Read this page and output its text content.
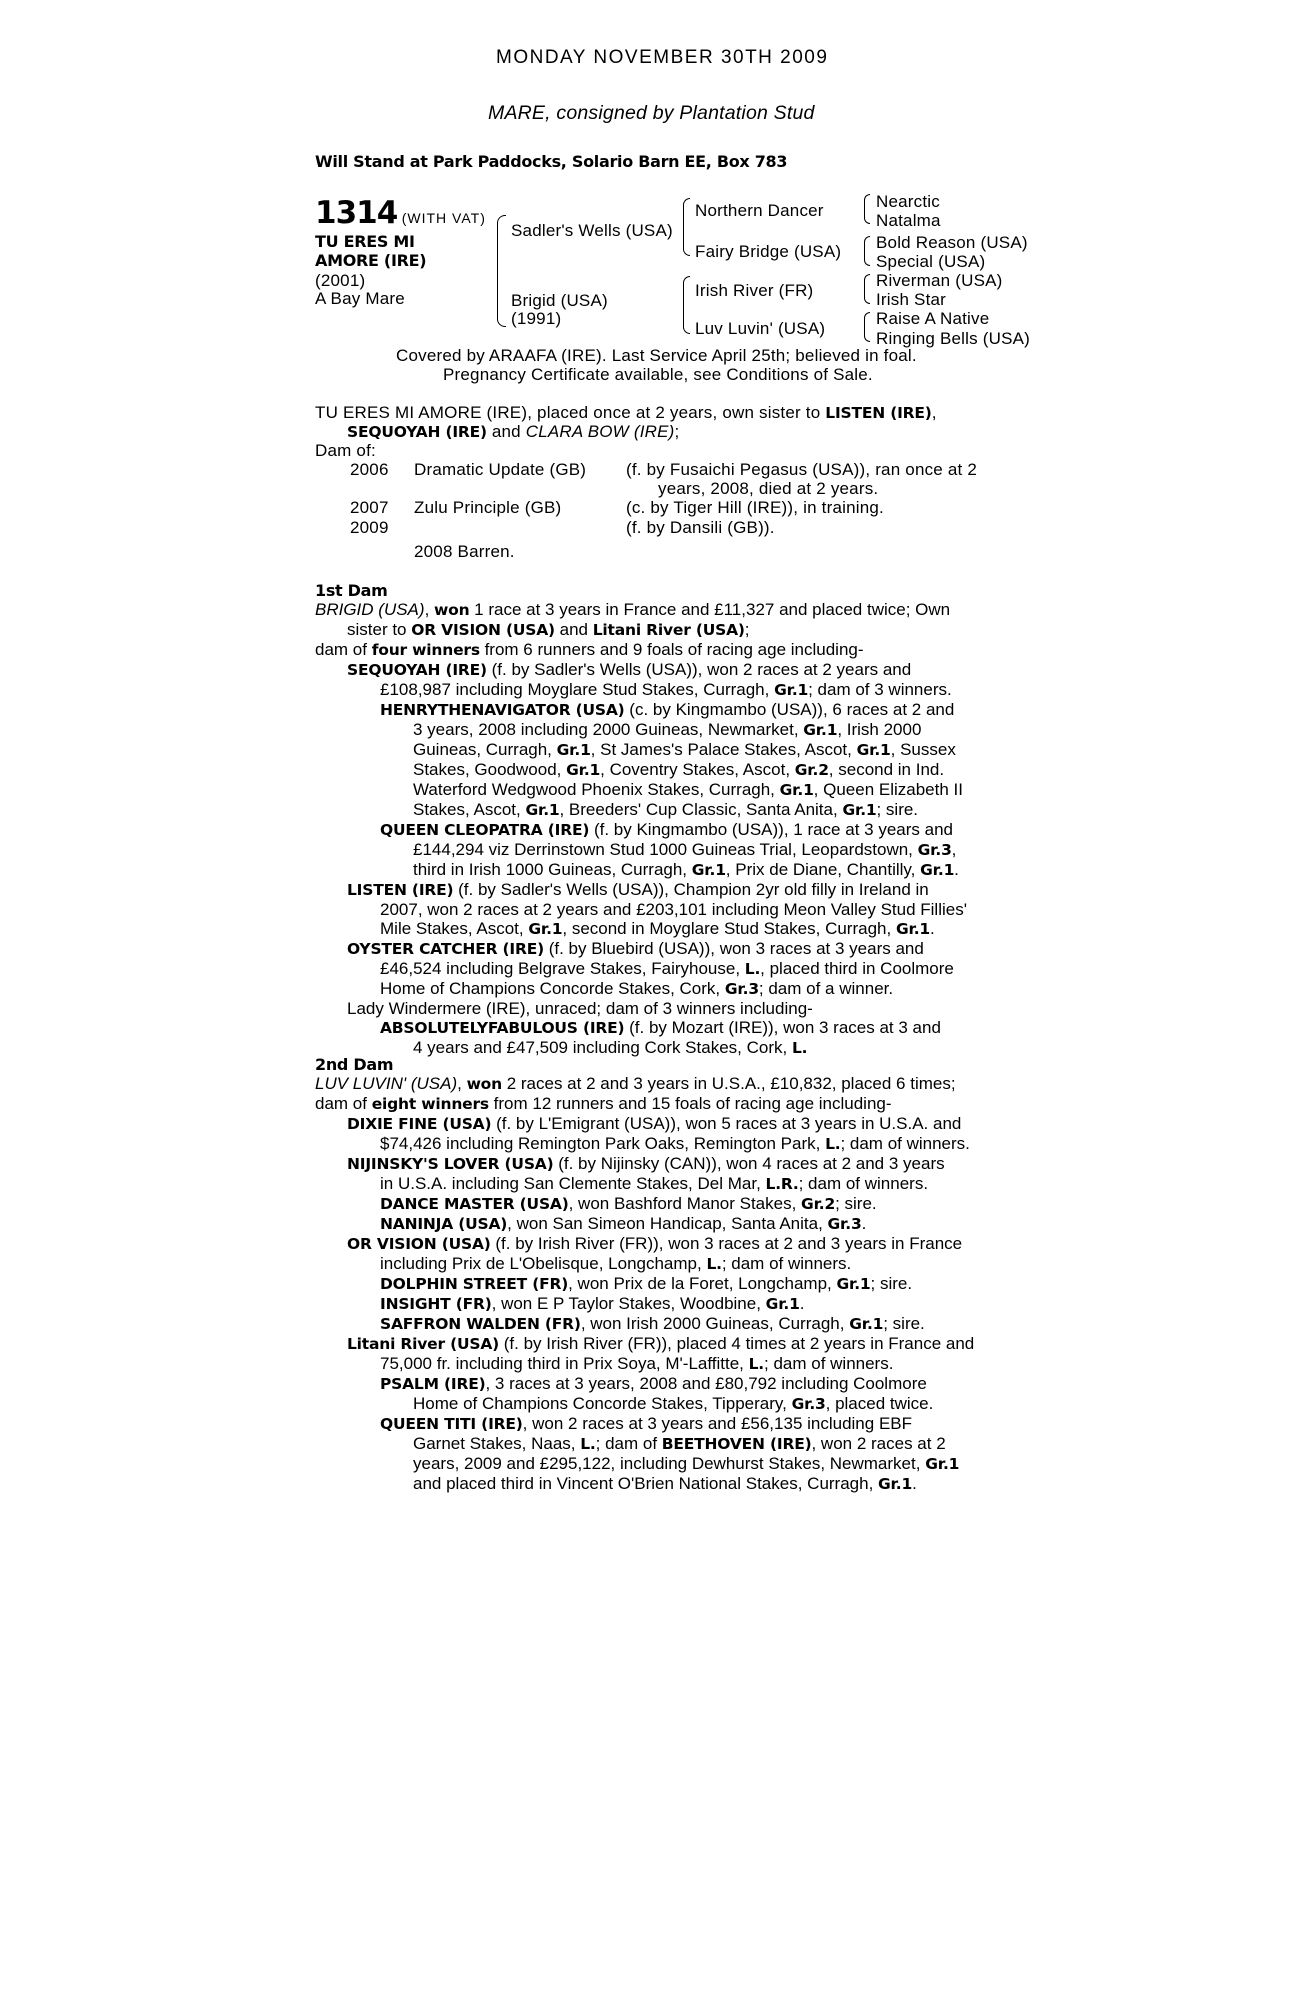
MONDAY NOVEMBER 30TH 2009
MARE, consigned by Plantation Stud
Will Stand at Park Paddocks, Solario Barn EE, Box 783
1314 (WITH VAT)
TU ERES MI
AMORE (IRE)
(2001)
A Bay Mare
Sadler's Wells (USA)
Brigid (USA)
(1991)
Northern Dancer
Fairy Bridge (USA)
Irish River (FR)
Luv Luvin' (USA)
Nearctic
Natalma
Bold Reason (USA)
Special (USA)
Riverman (USA)
Irish Star
Raise A Native
Ringing Bells (USA)
Covered by ARAAFA (IRE). Last Service April 25th; believed in foal.
Pregnancy Certificate available, see Conditions of Sale.
TU ERES MI AMORE (IRE), placed once at 2 years, own sister to LISTEN (IRE),
SEQUOYAH (IRE) and CLARA BOW (IRE);
Dam of:
2006 Dramatic Update (GB) (f. by Fusaichi Pegasus (USA)), ran once at 2
years, 2008, died at 2 years.
2007 Zulu Principle (GB)	(c. by Tiger Hill (IRE)), in training.
2009	(f. by Dansili (GB)).
2008 Barren.
1st Dam
BRIGID (USA), won 1 race at 3 years in France and £11,327 and placed twice; Own
sister to OR VISION (USA) and Litani River (USA);
dam of four winners from 6 runners and 9 foals of racing age including-
SEQUOYAH (IRE) (f. by Sadler's Wells (USA)), won 2 races at 2 years and
£108,987 including Moyglare Stud Stakes, Curragh, Gr.1; dam of 3 winners.
HENRYTHENAVIGATOR (USA) (c. by Kingmambo (USA)), 6 races at 2 and
3 years, 2008 including 2000 Guineas, Newmarket, Gr.1, Irish 2000
Guineas, Curragh, Gr.1, St James's Palace Stakes, Ascot, Gr.1, Sussex
Stakes, Goodwood, Gr.1, Coventry Stakes, Ascot, Gr.2, second in Ind.
Waterford Wedgwood Phoenix Stakes, Curragh, Gr.1, Queen Elizabeth II
Stakes, Ascot, Gr.1, Breeders' Cup Classic, Santa Anita, Gr.1; sire.
QUEEN CLEOPATRA (IRE) (f. by Kingmambo (USA)), 1 race at 3 years and
£144,294 viz Derrinstown Stud 1000 Guineas Trial, Leopardstown, Gr.3,
third in Irish 1000 Guineas, Curragh, Gr.1, Prix de Diane, Chantilly, Gr.1.
LISTEN (IRE) (f. by Sadler's Wells (USA)), Champion 2yr old filly in Ireland in
2007, won 2 races at 2 years and £203,101 including Meon Valley Stud Fillies'
Mile Stakes, Ascot, Gr.1, second in Moyglare Stud Stakes, Curragh, Gr.1.
OYSTER CATCHER (IRE) (f. by Bluebird (USA)), won 3 races at 3 years and
£46,524 including Belgrave Stakes, Fairyhouse, L., placed third in Coolmore
Home of Champions Concorde Stakes, Cork, Gr.3; dam of a winner.
Lady Windermere (IRE), unraced; dam of 3 winners including-
ABSOLUTELYFABULOUS (IRE) (f. by Mozart (IRE)), won 3 races at 3 and
4 years and £47,509 including Cork Stakes, Cork, L.
2nd Dam
LUV LUVIN' (USA), won 2 races at 2 and 3 years in U.S.A., £10,832, placed 6 times;
dam of eight winners from 12 runners and 15 foals of racing age including-
DIXIE FINE (USA) (f. by L'Emigrant (USA)), won 5 races at 3 years in U.S.A. and
$74,426 including Remington Park Oaks, Remington Park, L.; dam of winners.
NIJINSKY'S LOVER (USA) (f. by Nijinsky (CAN)), won 4 races at 2 and 3 years
in U.S.A. including San Clemente Stakes, Del Mar, L.R.; dam of winners.
DANCE MASTER (USA), won Bashford Manor Stakes, Gr.2; sire.
NANINJA (USA), won San Simeon Handicap, Santa Anita, Gr.3.
OR VISION (USA) (f. by Irish River (FR)), won 3 races at 2 and 3 years in France
including Prix de L'Obelisque, Longchamp, L.; dam of winners.
DOLPHIN STREET (FR), won Prix de la Foret, Longchamp, Gr.1; sire.
INSIGHT (FR), won E P Taylor Stakes, Woodbine, Gr.1.
SAFFRON WALDEN (FR), won Irish 2000 Guineas, Curragh, Gr.1; sire.
Litani River (USA) (f. by Irish River (FR)), placed 4 times at 2 years in France and
75,000 fr. including third in Prix Soya, M'-Laffitte, L.; dam of winners.
PSALM (IRE), 3 races at 3 years, 2008 and £80,792 including Coolmore
Home of Champions Concorde Stakes, Tipperary, Gr.3, placed twice.
QUEEN TITI (IRE), won 2 races at 3 years and £56,135 including EBF
Garnet Stakes, Naas, L.; dam of BEETHOVEN (IRE), won 2 races at 2
years, 2009 and £295,122, including Dewhurst Stakes, Newmarket, Gr.1
and placed third in Vincent O'Brien National Stakes, Curragh, Gr.1.
